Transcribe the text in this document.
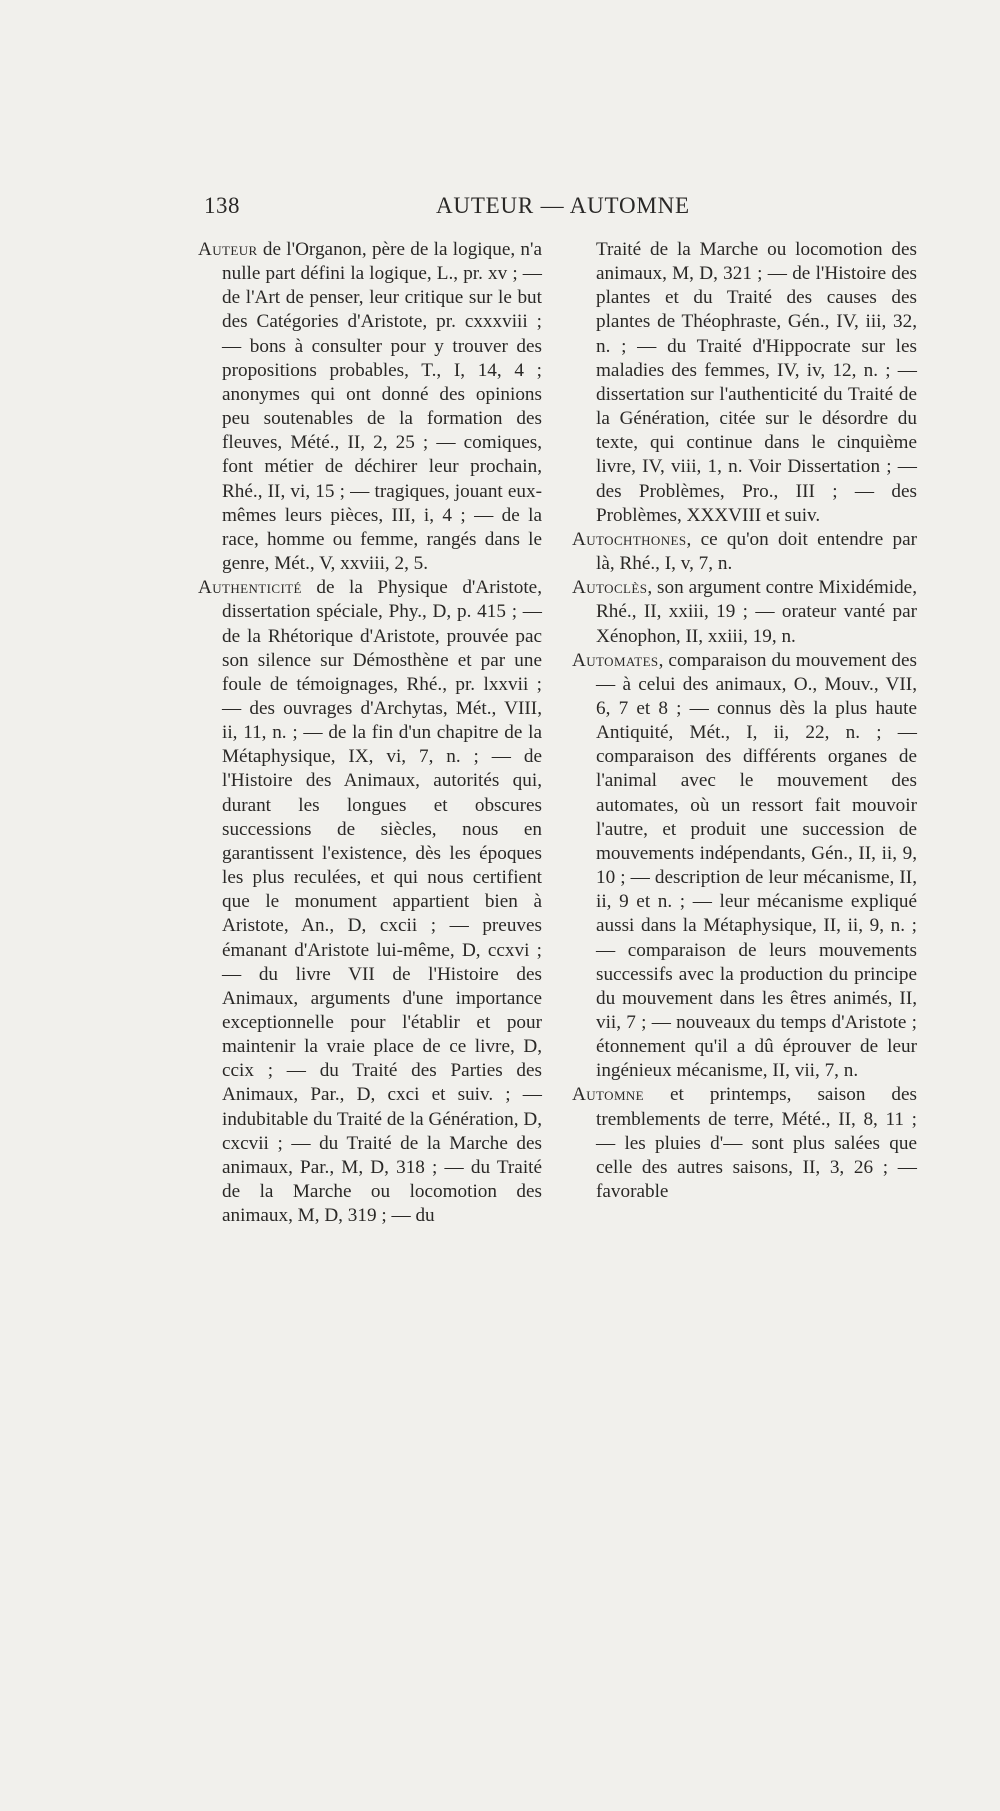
138	AUTEUR — AUTOMNE

Auteur de l'Organon, père de la logique, n'a nulle part défini la logique, L., pr. xv ; — de l'Art de penser, leur critique sur le but des Catégories d'Aristote, pr. cxxxviii ; — bons à consulter pour y trouver des propositions probables, T., I, 14, 4 ; anonymes qui ont donné des opinions peu soutenables de la formation des fleuves, Mété., II, 2, 25 ; — comiques, font métier de déchirer leur prochain, Rhé., II, vi, 15 ; — tragiques, jouant eux-mêmes leurs pièces, III, i, 4 ; — de la race, homme ou femme, rangés dans le genre, Mét., V, xxviii, 2, 5.

Authenticité de la Physique d'Aristote, dissertation spéciale, Phy., D, p. 415 ; — de la Rhétorique d'Aristote, prouvée pac son silence sur Démosthène et par une foule de témoignages, Rhé., pr. lxxvii ; — des ouvrages d'Archytas, Mét., VIII, ii, 11, n. ; — de la fin d'un chapitre de la Métaphysique, IX, vi, 7, n. ; — de l'Histoire des Animaux, autorités qui, durant les longues et obscures successions de siècles, nous en garantissent l'existence, dès les époques les plus reculées, et qui nous certifient que le monument appartient bien à Aristote, An., D, cxcii ; — preuves émanant d'Aristote lui-même, D, ccxvi ; — du livre VII de l'Histoire des Animaux, arguments d'une importance exceptionnelle pour l'établir et pour maintenir la vraie place de ce livre, D, ccix ; — du Traité des Parties des Animaux, Par., D, cxci et suiv. ; — indubitable du Traité de la Génération, D, cxcvii ; — du Traité de la Marche des animaux, Par., M, D, 318 ; — du Traité de la Marche ou locomotion des animaux, M, D, 319 ; — du

Traité de la Marche ou locomotion des animaux, M, D, 321 ; — de l'Histoire des plantes et du Traité des causes des plantes de Théophraste, Gén., IV, iii, 32, n. ; — du Traité d'Hippocrate sur les maladies des femmes, IV, iv, 12, n. ; — dissertation sur l'authenticité du Traité de la Génération, citée sur le désordre du texte, qui continue dans le cinquième livre, IV, viii, 1, n. Voir Dissertation ; — des Problèmes, Pro., III ; — des Problèmes, XXXVIII et suiv.

Autochthones, ce qu'on doit entendre par là, Rhé., I, v, 7, n.

Autoclès, son argument contre Mixidémide, Rhé., II, xxiii, 19 ; — orateur vanté par Xénophon, II, xxiii, 19, n.

Automates, comparaison du mouvement des — à celui des animaux, O., Mouv., VII, 6, 7 et 8 ; — connus dès la plus haute Antiquité, Mét., I, ii, 22, n. ; — comparaison des différents organes de l'animal avec le mouvement des automates, où un ressort fait mouvoir l'autre, et produit une succession de mouvements indépendants, Gén., II, ii, 9, 10 ; — description de leur mécanisme, II, ii, 9 et n. ; — leur mécanisme expliqué aussi dans la Métaphysique, II, ii, 9, n. ; — comparaison de leurs mouvements successifs avec la production du principe du mouvement dans les êtres animés, II, vii, 7 ; — nouveaux du temps d'Aristote ; étonnement qu'il a dû éprouver de leur ingénieux mécanisme, II, vii, 7, n.

Automne et printemps, saison des tremblements de terre, Mété., II, 8, 11 ; — les pluies d'— sont plus salées que celle des autres saisons, II, 3, 26 ; — favorable
